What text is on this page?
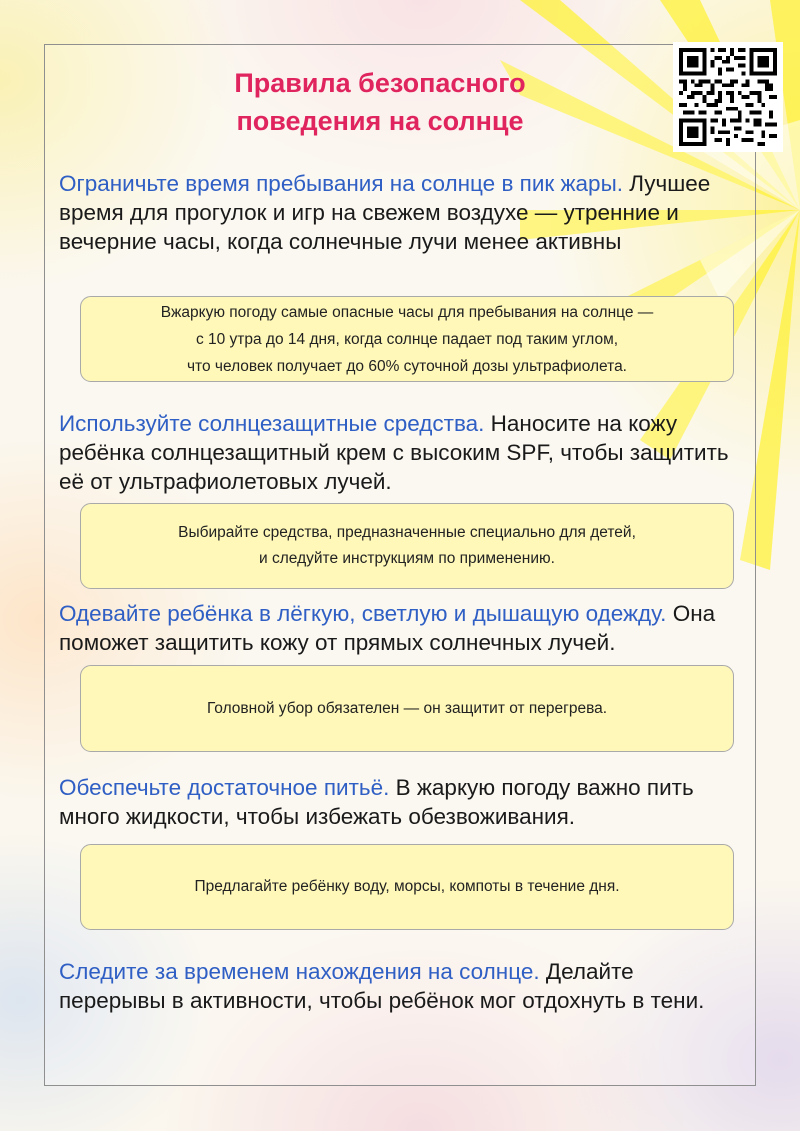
Правила безопасного
поведения на солнце
Ограничьте время пребывания на солнце в пик жары. Лучшее время для прогулок и игр на свежем воздухе — утренние и вечерние часы, когда солнечные лучи менее активны
Вжаркую погоду самые опасные часы для пребывания на солнце —
с 10 утра до 14 дня, когда солнце падает под таким углом,
что человек получает до 60% суточной дозы ультрафиолета.
Используйте солнцезащитные средства. Наносите на кожу ребёнка солнцезащитный крем с высоким SPF, чтобы защитить её от ультрафиолетовых лучей.
Выбирайте средства, предназначенные специально для детей,
и следуйте инструкциям по применению.
Одевайте ребёнка в лёгкую, светлую и дышащую одежду. Она поможет защитить кожу от прямых солнечных лучей.
Головной убор обязателен — он защитит от перегрева.
Обеспечьте достаточное питьё. В жаркую погоду важно пить много жидкости, чтобы избежать обезвоживания.
Предлагайте ребёнку воду, морсы, компоты в течение дня.
Следите за временем нахождения на солнце. Делайте перерывы в активности, чтобы ребёнок мог отдохнуть в тени.
